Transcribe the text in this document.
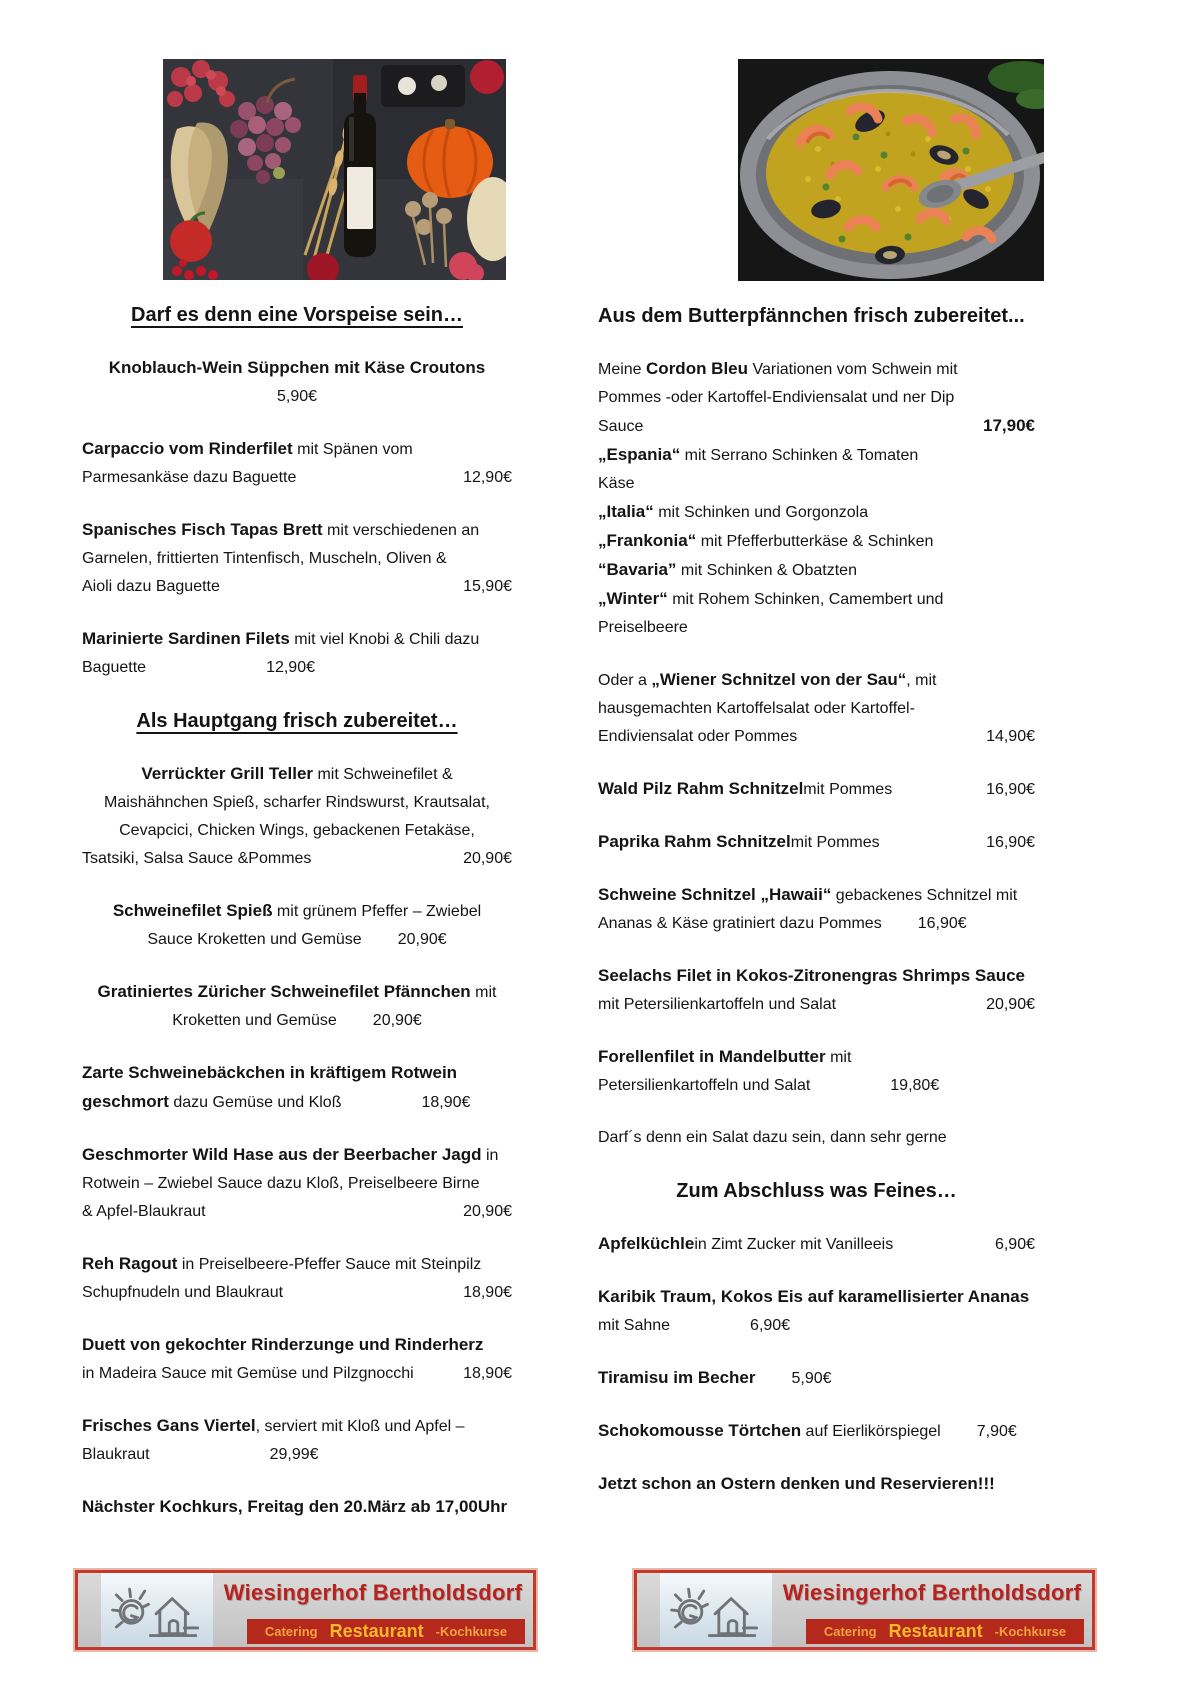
Darf es denn eine Vorspeise sein…
Knoblauch-Wein Süppchen mit Käse Croutons
5,90€
Carpaccio vom Rinderfilet mit Spänen vom
Parmesankäse dazu Baguette	12,90€
Spanisches Fisch Tapas Brett mit verschiedenen an
Garnelen, frittierten Tintenfisch, Muscheln, Oliven &
Aioli dazu Baguette	15,90€
Marinierte Sardinen Filets mit viel Knobi & Chili dazu
Baguette	12,90€
Als Hauptgang frisch zubereitet…
Verrückter Grill Teller mit Schweinefilet &
Maishähnchen Spieß, scharfer Rindswurst, Krautsalat,
Cevapcici, Chicken Wings, gebackenen Fetakäse,
Tsatsiki, Salsa Sauce &Pommes	20,90€
Schweinefilet Spieß mit grünem Pfeffer – Zwiebel
Sauce Kroketten und Gemüse 20,90€
Gratiniertes Züricher Schweinefilet Pfännchen mit
Kroketten und Gemüse 20,90€
Zarte Schweinebäckchen in kräftigem Rotwein
geschmort dazu Gemüse und Kloß	18,90€
Geschmorter Wild Hase aus der Beerbacher Jagd in
Rotwein – Zwiebel Sauce dazu Kloß, Preiselbeere Birne
& Apfel-Blaukraut	20,90€
Reh Ragout in Preiselbeere-Pfeffer Sauce mit Steinpilz
Schupfnudeln und Blaukraut	18,90€
Duett von gekochter Rinderzunge und Rinderherz
in Madeira Sauce mit Gemüse und Pilzgnocchi	18,90€
Frisches Gans Viertel, serviert mit Kloß und Apfel –
Blaukraut	29,99€
Nächster Kochkurs, Freitag den 20.März ab 17,00Uhr
Aus dem Butterpfännchen frisch zubereitet...
Meine Cordon Bleu Variationen vom Schwein mit
Pommes -oder Kartoffel-Endiviensalat und ner Dip
Sauce	17,90€
„Espania“ mit Serrano Schinken & Tomaten
Käse
„Italia“ mit Schinken und Gorgonzola
„Frankonia“ mit Pfefferbutterkäse & Schinken
“Bavaria” mit Schinken & Obatzten
„Winter“ mit Rohem Schinken, Camembert und
Preiselbeere
Oder a „Wiener Schnitzel von der Sau“, mit
hausgemachten Kartoffelsalat oder Kartoffel-
Endiviensalat oder Pommes	14,90€
Wald Pilz Rahm Schnitzel mit Pommes	16,90€
Paprika Rahm Schnitzel mit Pommes	16,90€
Schweine Schnitzel „Hawaii“ gebackenes Schnitzel mit
Ananas & Käse gratiniert dazu Pommes 16,90€
Seelachs Filet in Kokos-Zitronengras Shrimps Sauce
mit Petersilienkartoffeln und Salat	20,90€
Forellenfilet in Mandelbutter mit
Petersilienkartoffeln und Salat	19,80€
Darf´s denn ein Salat dazu sein, dann sehr gerne
Zum Abschluss was Feines…
Apfelküchle in Zimt Zucker mit Vanilleeis	6,90€
Karibik Traum, Kokos Eis auf karamellisierter Ananas
mit Sahne	6,90€
Tiramisu im Becher 5,90€
Schokomousse Törtchen auf Eierlikörspiegel 7,90€
Jetzt schon an Ostern denken und Reservieren!!!
Wiesingerhof Bertholdsdorf
Catering Restaurant -Kochkurse
Wiesingerhof Bertholdsdorf
Catering Restaurant -Kochkurse
